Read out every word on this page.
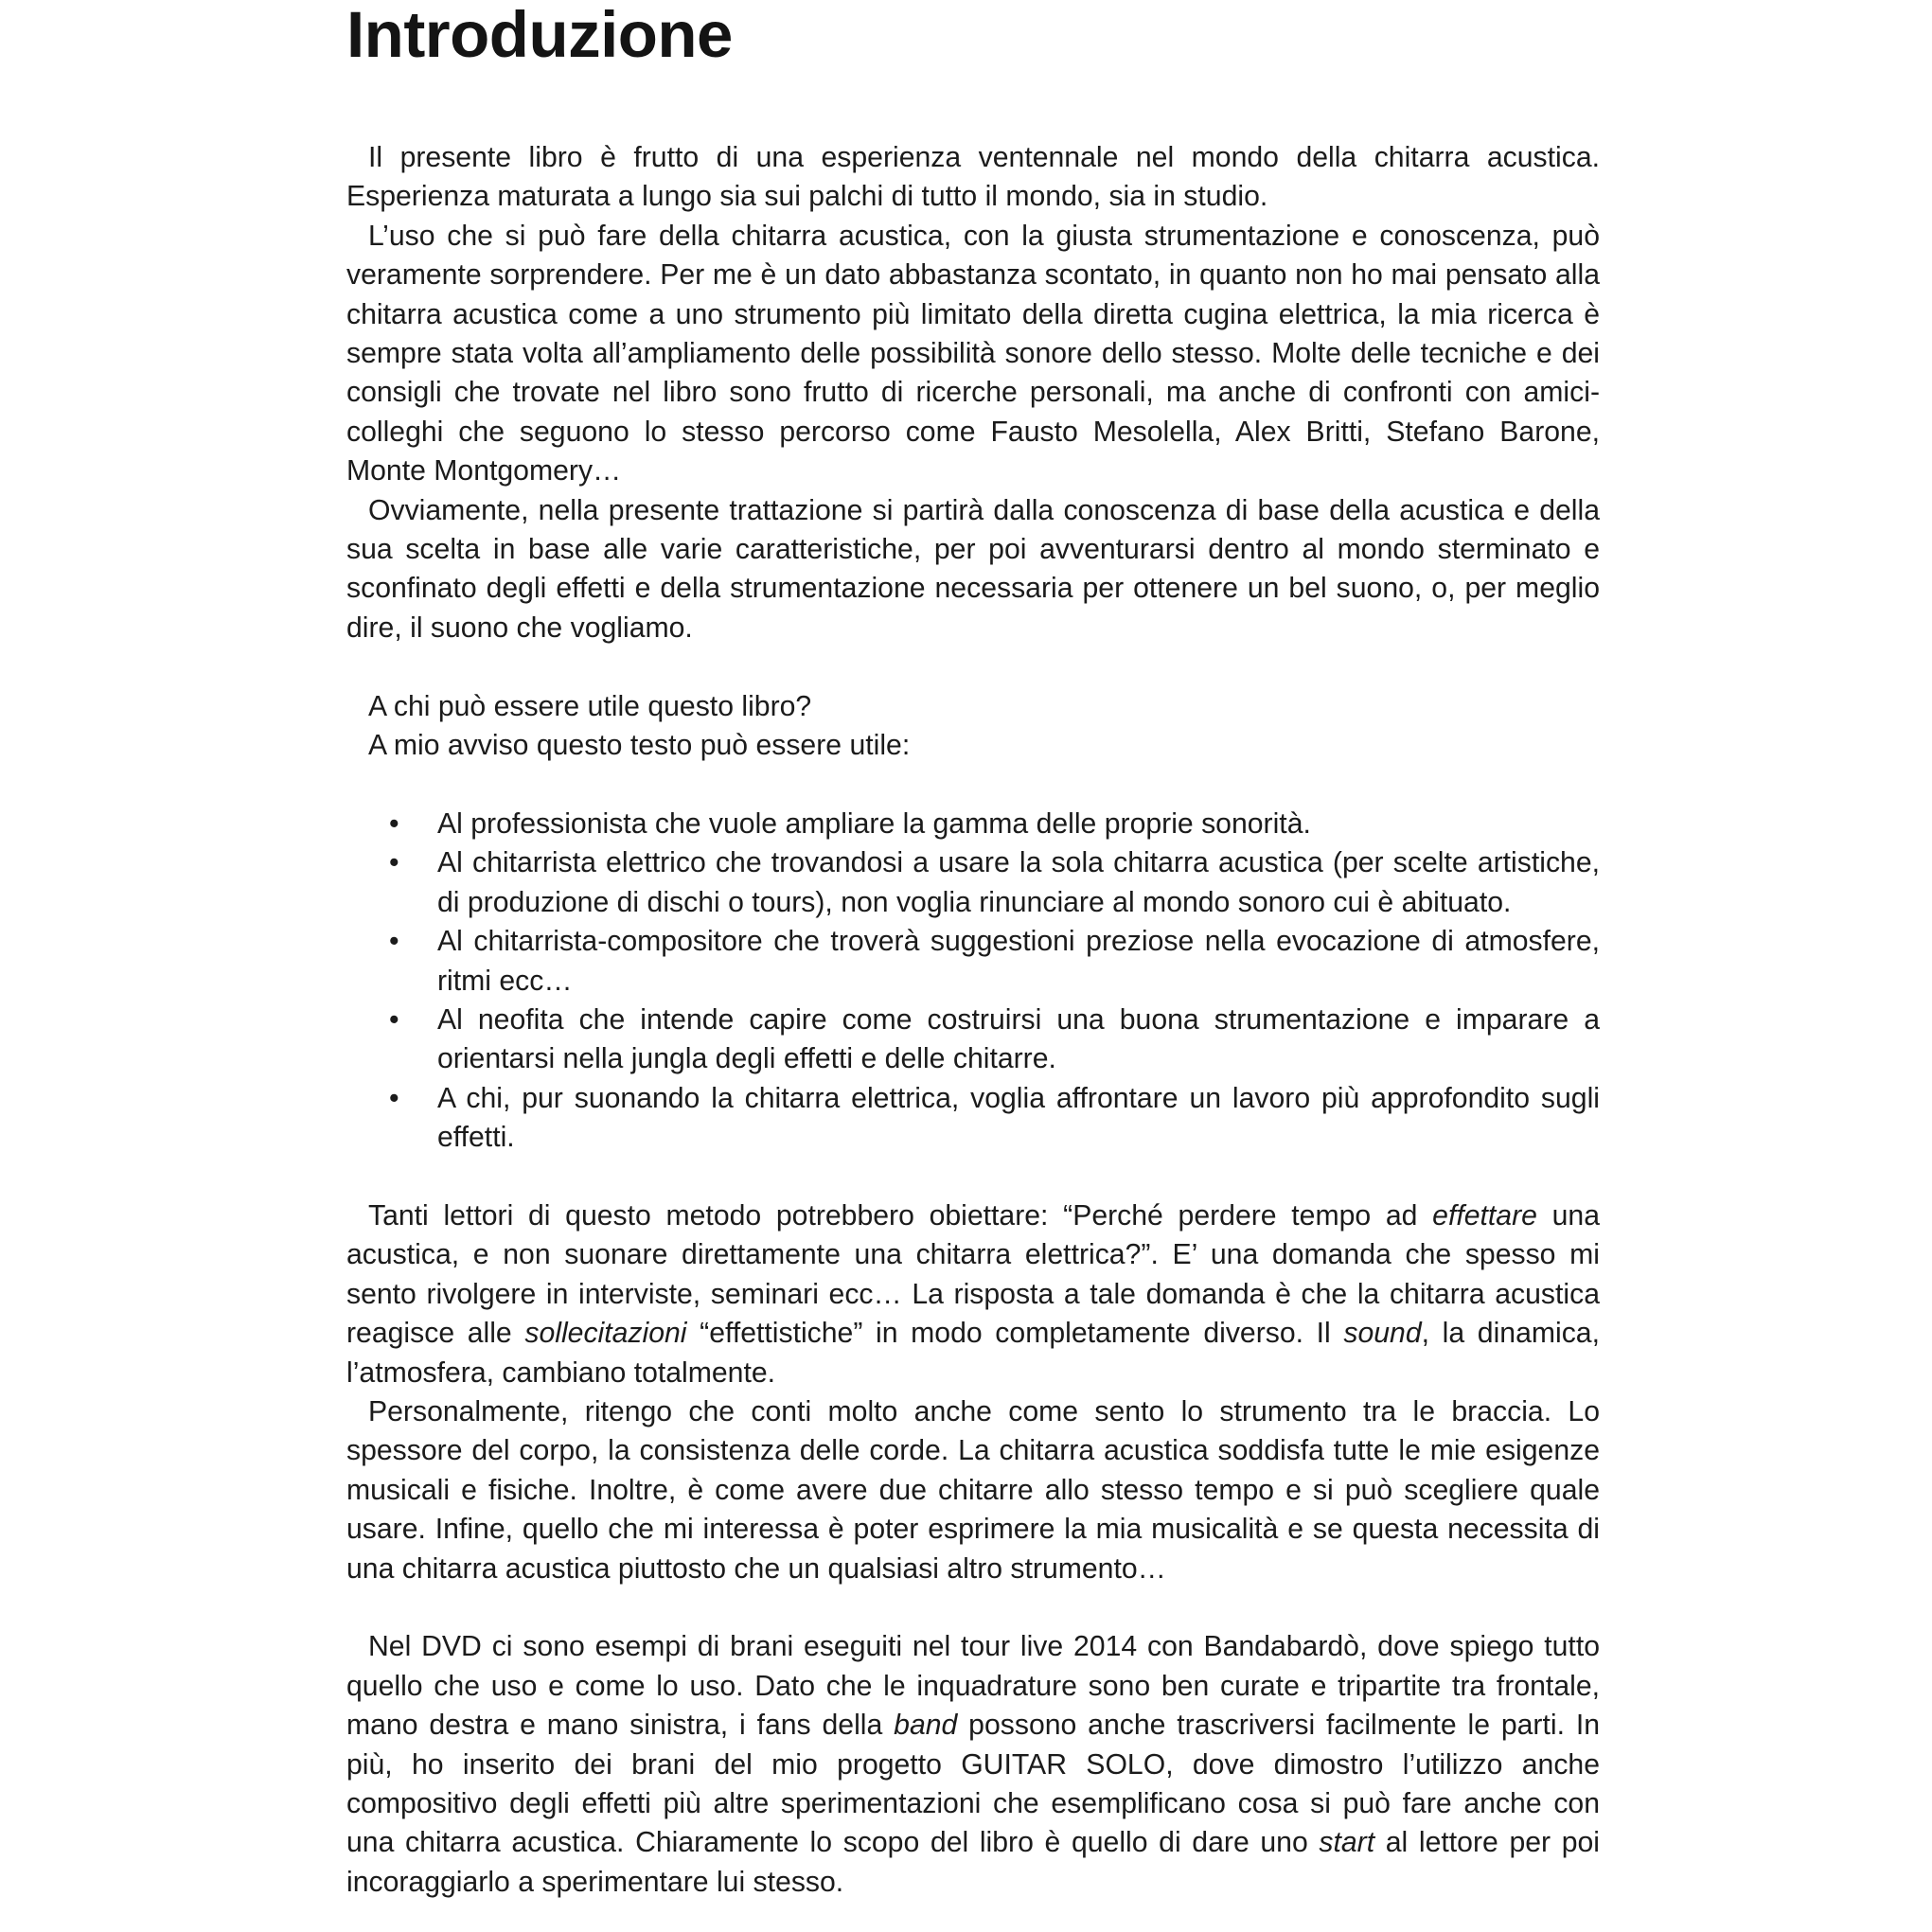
Introduzione

Il presente libro è frutto di una esperienza ventennale nel mondo della chitarra acustica. Esperienza maturata a lungo sia sui palchi di tutto il mondo, sia in studio.

L’uso che si può fare della chitarra acustica, con la giusta strumentazione e conoscenza, può veramente sorprendere. Per me è un dato abbastanza scontato, in quanto non ho mai pensato alla chitarra acustica come a uno strumento più limitato della diretta cugina elettrica, la mia ricerca è sempre stata volta all’ampliamento delle possibilità sonore dello stesso. Molte delle tecniche e dei consigli che trovate nel libro sono frutto di ricerche personali, ma anche di confronti con amici-colleghi che seguono lo stesso percorso come Fausto Mesolella, Alex Britti, Stefano Barone, Monte Montgomery…

Ovviamente, nella presente trattazione si partirà dalla conoscenza di base della acustica e della sua scelta in base alle varie caratteristiche, per poi avventurarsi dentro al mondo sterminato e sconfinato degli effetti e della strumentazione necessaria per ottenere un bel suono, o, per meglio dire, il suono che vogliamo.

A chi può essere utile questo libro?

A mio avviso questo testo può essere utile:

• Al professionista che vuole ampliare la gamma delle proprie sonorità.
• Al chitarrista elettrico che trovandosi a usare la sola chitarra acustica (per scelte artistiche, di produzione di dischi o tours), non voglia rinunciare al mondo sonoro cui è abituato.
• Al chitarrista-compositore che troverà suggestioni preziose nella evocazione di atmosfere, ritmi ecc…
• Al neofita che intende capire come costruirsi una buona strumentazione e imparare a orientarsi nella jungla degli effetti e delle chitarre.
• A chi, pur suonando la chitarra elettrica, voglia affrontare un lavoro più approfondito sugli effetti.

Tanti lettori di questo metodo potrebbero obiettare: “Perché perdere tempo ad effettare una acustica, e non suonare direttamente una chitarra elettrica?”. E’ una domanda che spesso mi sento rivolgere in interviste, seminari ecc… La risposta a tale domanda è che la chitarra acustica reagisce alle sollecitazioni “effettistiche” in modo completamente diverso. Il sound, la dinamica, l’atmosfera, cambiano totalmente.

Personalmente, ritengo che conti molto anche come sento lo strumento tra le braccia. Lo spessore del corpo, la consistenza delle corde. La chitarra acustica soddisfa tutte le mie esigenze musicali e fisiche. Inoltre, è come avere due chitarre allo stesso tempo e si può scegliere quale usare. Infine, quello che mi interessa è poter esprimere la mia musicalità e se questa necessita di una chitarra acustica piuttosto che un qualsiasi altro strumento…

Nel DVD ci sono esempi di brani eseguiti nel tour live 2014 con Bandabardò, dove spiego tutto quello che uso e come lo uso. Dato che le inquadrature sono ben curate e tripartite tra frontale, mano destra e mano sinistra, i fans della band possono anche trascriversi facilmente le parti. In più, ho inserito dei brani del mio progetto GUITAR SOLO, dove dimostro l’utilizzo anche compositivo degli effetti più altre sperimentazioni che esemplificano cosa si può fare anche con una chitarra acustica. Chiaramente lo scopo del libro è quello di dare uno start al lettore per poi incoraggiarlo a sperimentare lui stesso.
